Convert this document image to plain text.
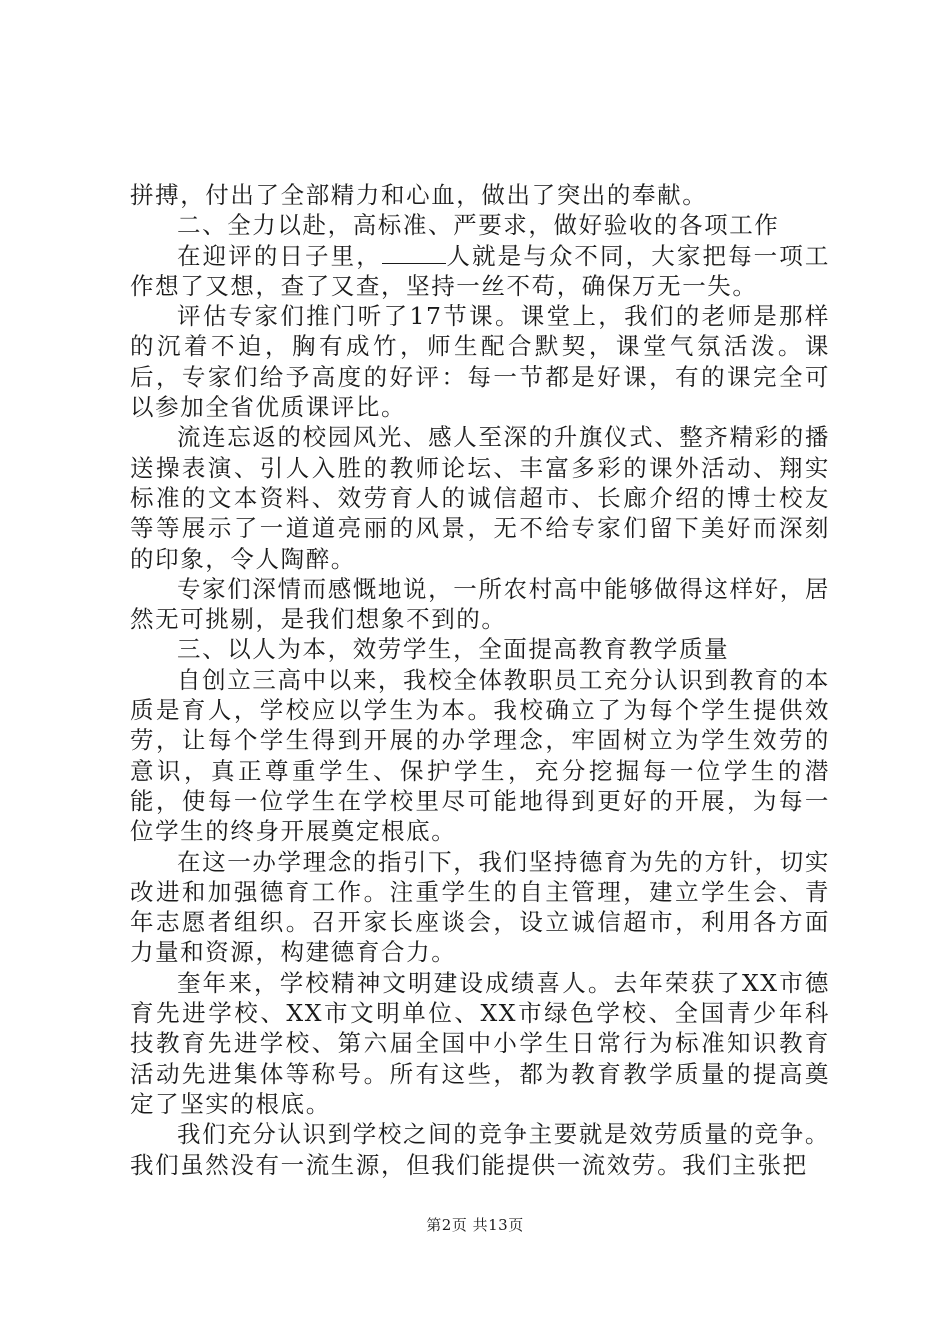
拼搏，付出了全部精力和心血，做出了突出的奉献。

二、全力以赴，高标准、严要求，做好验收的各项工作

在迎评的日子里，	人就是与众不同，大家把每一项工作想了又想，查了又查，坚持一丝不苟，确保万无一失。

评估专家们推门听了17节课。课堂上，我们的老师是那样的沉着不迫，胸有成竹，师生配合默契，课堂气氛活泼。课后，专家们给予高度的好评：每一节都是好课，有的课完全可以参加全省优质课评比。

流连忘返的校园风光、感人至深的升旗仪式、整齐精彩的播送操表演、引人入胜的教师论坛、丰富多彩的课外活动、翔实标准的文本资料、效劳育人的诚信超市、长廊介绍的博士校友等等展示了一道道亮丽的风景，无不给专家们留下美好而深刻的印象，令人陶醉。

专家们深情而感慨地说，一所农村高中能够做得这样好，居然无可挑剔，是我们想象不到的。

三、以人为本，效劳学生，全面提高教育教学质量

自创立三高中以来，我校全体教职员工充分认识到教育的本质是育人，学校应以学生为本。我校确立了为每个学生提供效劳，让每个学生得到开展的办学理念，牢固树立为学生效劳的意识，真正尊重学生、保护学生，充分挖掘每一位学生的潜能，使每一位学生在学校里尽可能地得到更好的开展，为每一位学生的终身开展奠定根底。

在这一办学理念的指引下，我们坚持德育为先的方针，切实改进和加强德育工作。注重学生的自主管理，建立学生会、青年志愿者组织。召开家长座谈会，设立诚信超市，利用各方面力量和资源，构建德育合力。

奎年来，学校精神文明建设成绩喜人。去年荣获了XX市德育先进学校、XX市文明单位、XX市绿色学校、全国青少年科技教育先进学校、第六届全国中小学生日常行为标准知识教育活动先进集体等称号。所有这些，都为教育教学质量的提高奠定了坚实的根底。

我们充分认识到学校之间的竞争主要就是效劳质量的竞争。我们虽然没有一流生源，但我们能提供一流效劳。我们主张把

第2页 共13页
